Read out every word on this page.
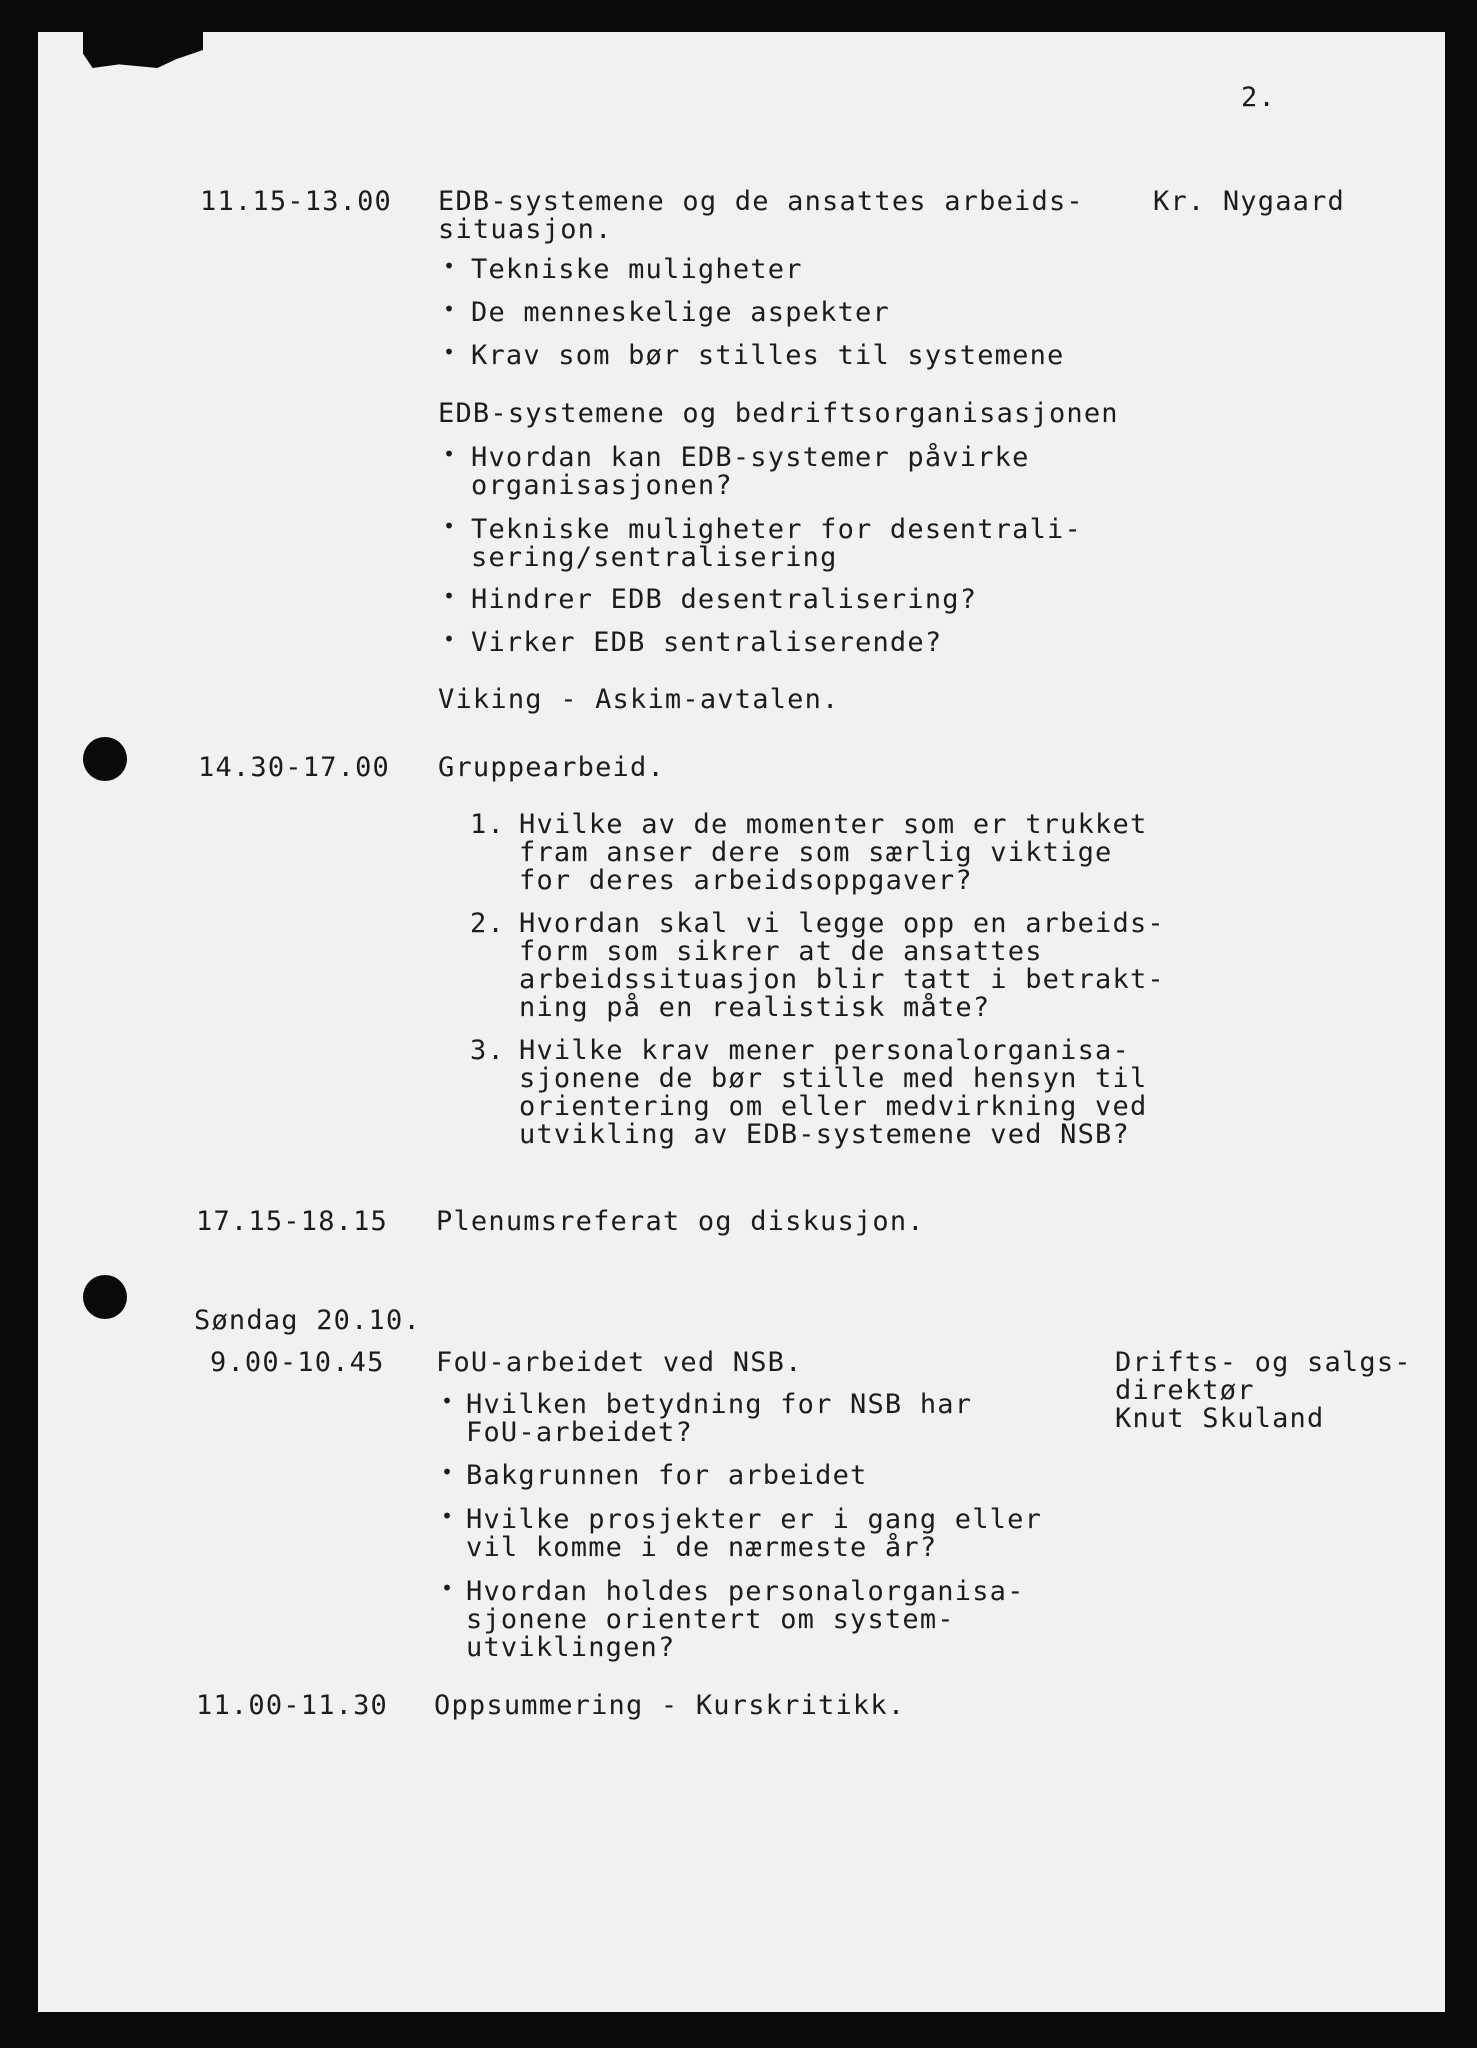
2.
11.15-13.00 EDB-systemene og de ansattes arbeids-
situasjon.
Kr. Nygaard
• Tekniske muligheter
• De menneskelige aspekter
• Krav som bør stilles til systemene
EDB-systemene og bedriftsorganisasjonen
• Hvordan kan EDB-systemer påvirke
organisasjonen?
• Tekniske muligheter for desentrali-
sering/sentralisering
• Hindrer EDB desentralisering?
• Virker EDB sentraliserende?
Viking - Askim-avtalen.
14.30-17.00 Gruppearbeid.
1. Hvilke av de momenter som er trukket
fram anser dere som særlig viktige
for deres arbeidsoppgaver?
2. Hvordan skal vi legge opp en arbeids-
form som sikrer at de ansattes
arbeidssituasjon blir tatt i betrakt-
ning på en realistisk måte?
3. Hvilke krav mener personalorganisa-
sjonene de bør stille med hensyn til
orientering om eller medvirkning ved
utvikling av EDB-systemene ved NSB?
17.15-18.15 Plenumsreferat og diskusjon.
Søndag 20.10.
9.00-10.45 FoU-arbeidet ved NSB.	Drifts- og salgs-
direktør
Knut Skuland
• Hvilken betydning for NSB har
FoU-arbeidet?
• Bakgrunnen for arbeidet
• Hvilke prosjekter er i gang eller
vil komme i de nærmeste år?
• Hvordan holdes personalorganisa-
sjonene orientert om system-
utviklingen?
11.00-11.30 Oppsummering - Kurskritikk.
